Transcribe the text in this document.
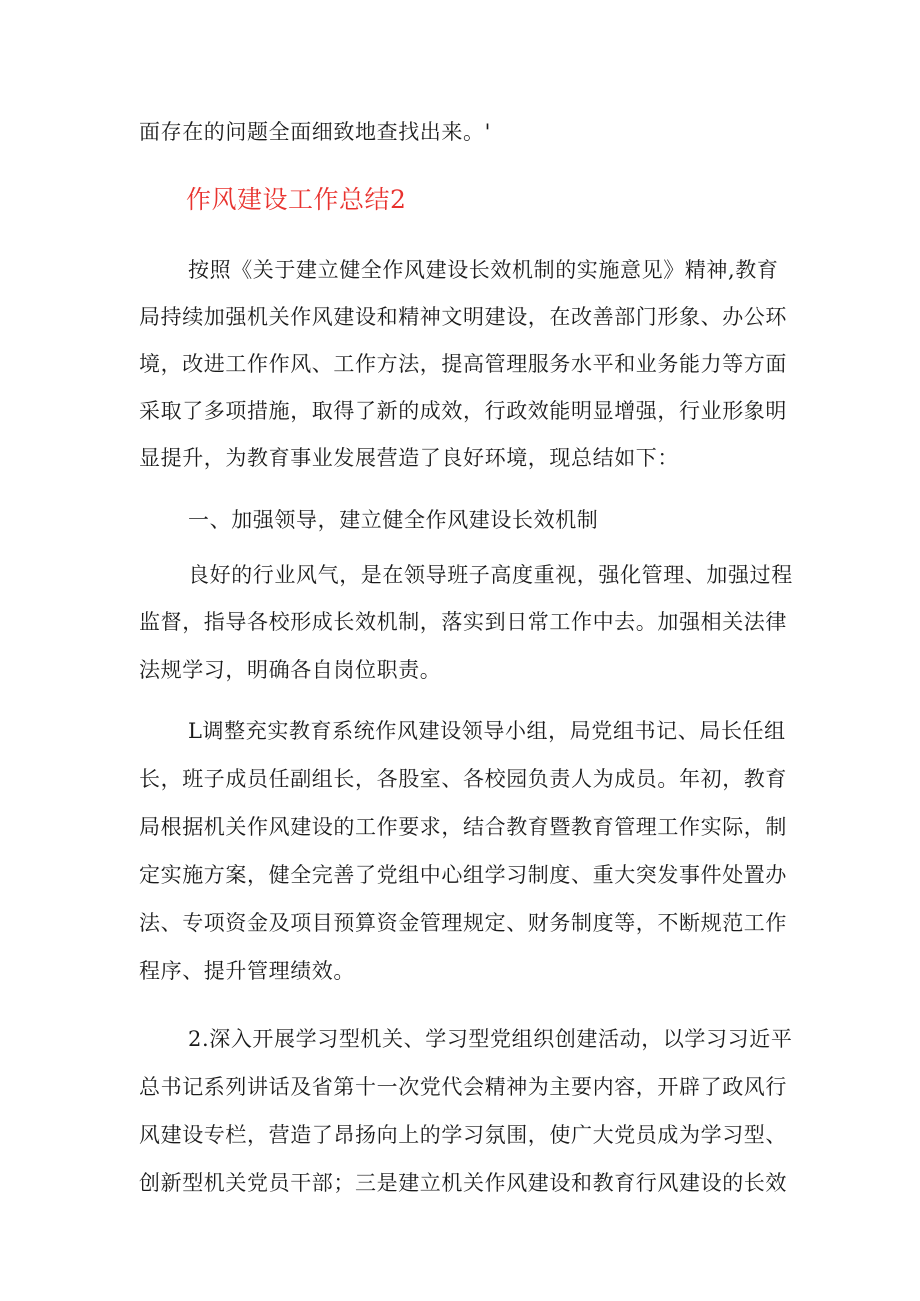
面存在的问题全面细致地查找出来。'
作风建设工作总结2
按照《关于建立健全作风建设长效机制的实施意见》精神,教育
局持续加强机关作风建设和精神文明建设，在改善部门形象、办公环
境，改进工作作风、工作方法，提高管理服务水平和业务能力等方面
采取了多项措施，取得了新的成效，行政效能明显增强，行业形象明
显提升，为教育事业发展营造了良好环境，现总结如下：
一、加强领导，建立健全作风建设长效机制
良好的行业风气，是在领导班子高度重视，强化管理、加强过程
监督，指导各校形成长效机制，落实到日常工作中去。加强相关法律
法规学习，明确各自岗位职责。
L调整充实教育系统作风建设领导小组，局党组书记、局长任组
长，班子成员任副组长，各股室、各校园负责人为成员。年初，教育
局根据机关作风建设的工作要求，结合教育暨教育管理工作实际，制
定实施方案，健全完善了党组中心组学习制度、重大突发事件处置办
法、专项资金及项目预算资金管理规定、财务制度等，不断规范工作
程序、提升管理绩效。
2.深入开展学习型机关、学习型党组织创建活动，以学习习近平
总书记系列讲话及省第十一次党代会精神为主要内容，开辟了政风行
风建设专栏，营造了昂扬向上的学习氛围，使广大党员成为学习型、
创新型机关党员干部；三是建立机关作风建设和教育行风建设的长效
